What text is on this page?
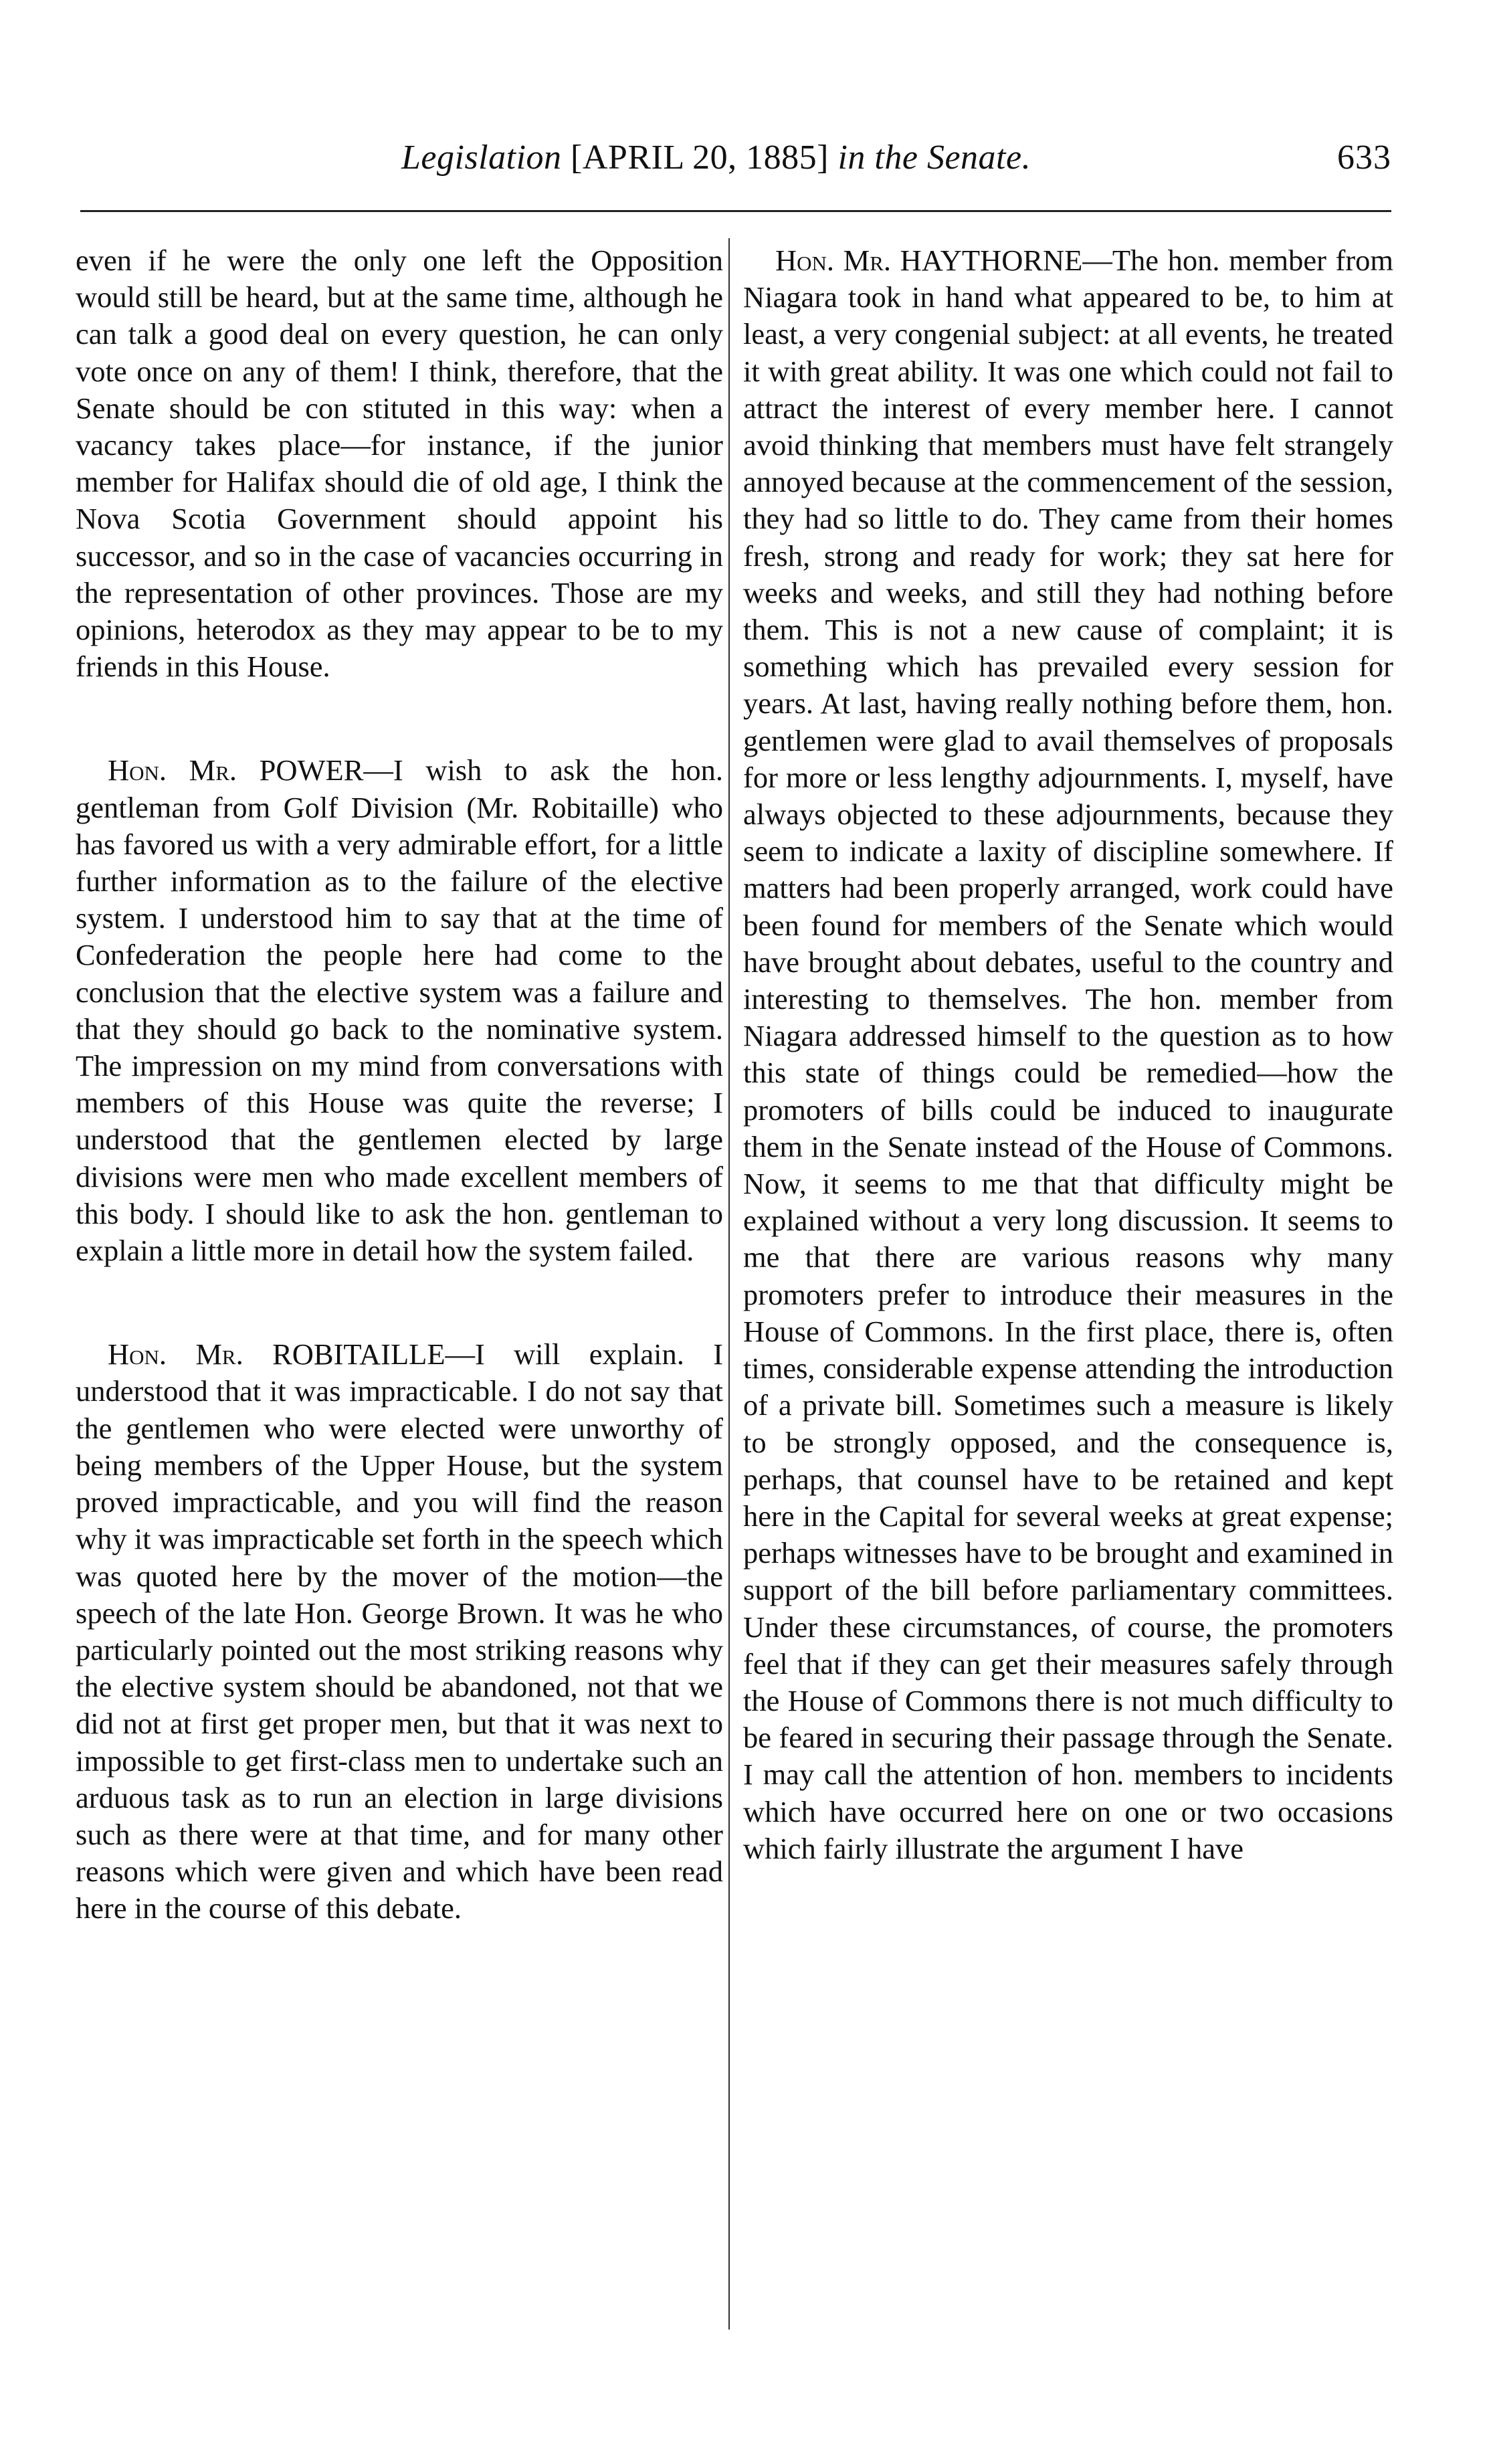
Legislation [APRIL 20, 1885] in the Senate.	633

even if he were the only one left the Opposition would still be heard, but at the same time, although he can talk a good deal on every question, he can only vote once on any of them! I think, therefore, that the Senate should be con stituted in this way: when a vacancy takes place—for instance, if the junior member for Halifax should die of old age, I think the Nova Scotia Government should appoint his successor, and so in the case of vacancies occurring in the representation of other provinces. Those are my opinions, heterodox as they may appear to be to my friends in this House.

Hon. Mr. POWER—I wish to ask the hon. gentleman from Golf Division (Mr. Robitaille) who has favored us with a very admirable effort, for a little further information as to the failure of the elective system. I understood him to say that at the time of Confederation the people here had come to the conclusion that the elective system was a failure and that they should go back to the nominative system. The impression on my mind from conversations with members of this House was quite the reverse; I understood that the gentlemen elected by large divisions were men who made excellent members of this body. I should like to ask the hon. gentleman to explain a little more in detail how the system failed.

Hon. Mr. ROBITAILLE—I will explain. I understood that it was impracticable. I do not say that the gentlemen who were elected were unworthy of being members of the Upper House, but the system proved impracticable, and you will find the reason why it was impracticable set forth in the speech which was quoted here by the mover of the motion—the speech of the late Hon. George Brown. It was he who particularly pointed out the most striking reasons why the elective system should be abandoned, not that we did not at first get proper men, but that it was next to impossible to get first-class men to undertake such an arduous task as to run an election in large divisions such as there were at that time, and for many other reasons which were given and which have been read here in the course of this debate.

Hon. Mr. HAYTHORNE—The hon. member from Niagara took in hand what appeared to be, to him at least, a very congenial subject: at all events, he treated it with great ability. It was one which could not fail to attract the interest of every member here. I cannot avoid thinking that members must have felt strangely annoyed because at the commencement of the session, they had so little to do. They came from their homes fresh, strong and ready for work; they sat here for weeks and weeks, and still they had nothing before them. This is not a new cause of complaint; it is something which has prevailed every session for years. At last, having really nothing before them, hon. gentlemen were glad to avail themselves of proposals for more or less lengthy adjournments. I, myself, have always objected to these adjournments, because they seem to indicate a laxity of discipline somewhere. If matters had been properly arranged, work could have been found for members of the Senate which would have brought about debates, useful to the country and interesting to themselves. The hon. member from Niagara addressed himself to the question as to how this state of things could be remedied—how the promoters of bills could be induced to inaugurate them in the Senate instead of the House of Commons. Now, it seems to me that that difficulty might be explained without a very long discussion. It seems to me that there are various reasons why many promoters prefer to introduce their measures in the House of Commons. In the first place, there is, often times, considerable expense attending the introduction of a private bill. Sometimes such a measure is likely to be strongly opposed, and the consequence is, perhaps, that counsel have to be retained and kept here in the Capital for several weeks at great expense; perhaps witnesses have to be brought and examined in support of the bill before parliamentary committees. Under these circumstances, of course, the promoters feel that if they can get their measures safely through the House of Commons there is not much difficulty to be feared in securing their passage through the Senate. I may call the attention of hon. members to incidents which have occurred here on one or two occasions which fairly illustrate the argument I have
